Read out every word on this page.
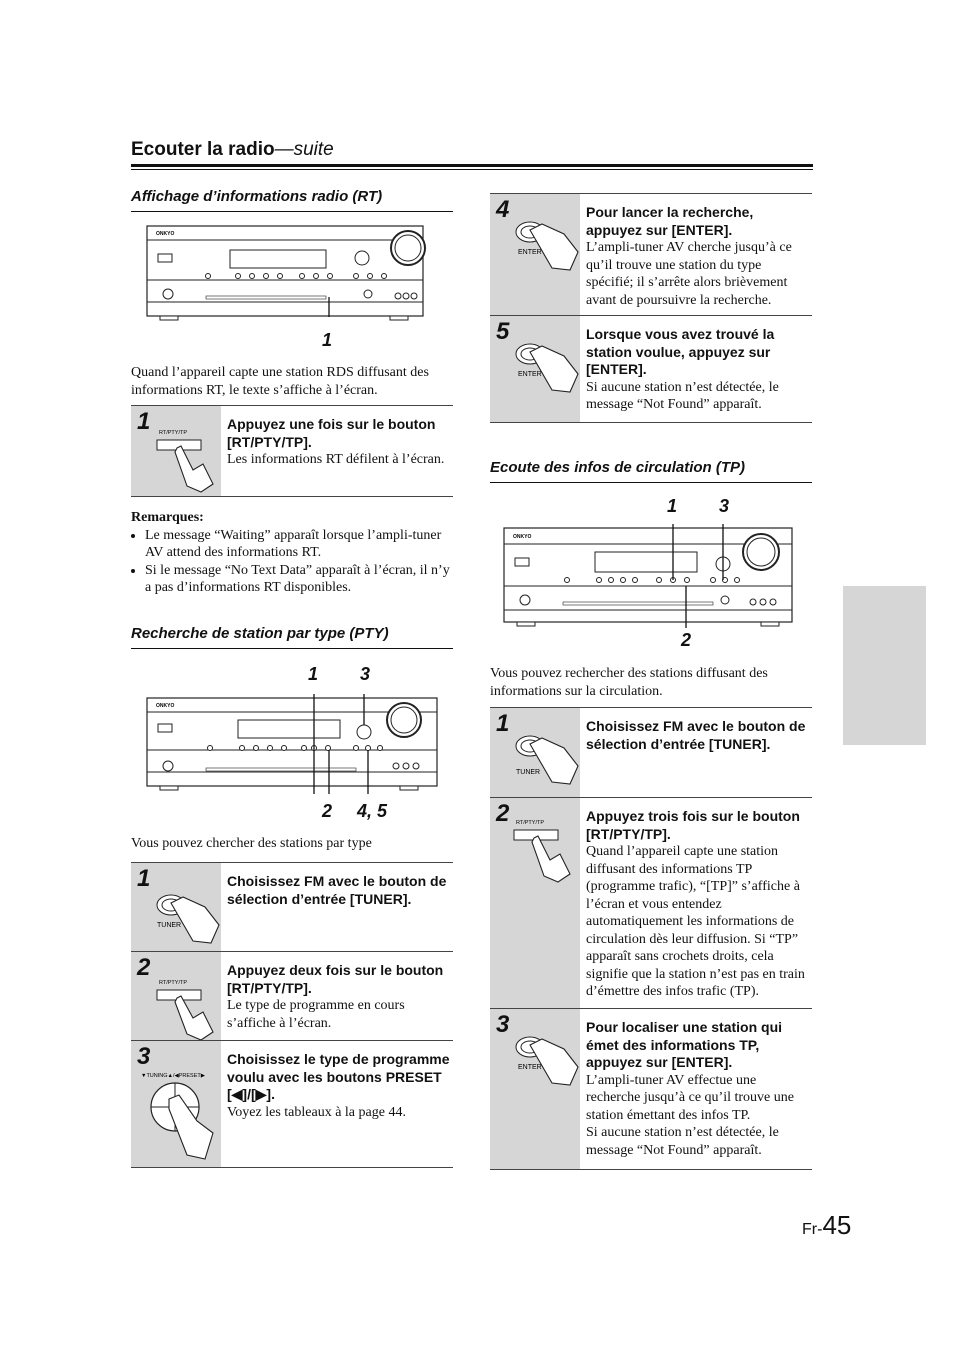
Ecouter la radio—suite
Affichage d’informations radio (RT)
ONKYO
1
Quand l’appareil capte une station RDS diffusant des informations RT, le texte s’affiche à l’écran.
1 RT/PTY/TP
Appuyez une fois sur le bouton [RT/PTY/TP].
Les informations RT défilent à l’écran.
Remarques:
• Le message “Waiting” apparaît lorsque l’ampli-tuner AV attend des informations RT.
• Si le message “No Text Data” apparaît à l’écran, il n’y a pas d’informations RT disponibles.
Recherche de station par type (PTY)
1 3
ONKYO
2 4, 5
Vous pouvez chercher des stations par type
1
TUNER
Choisissez FM avec le bouton de sélection d’entrée [TUNER].
2
RT/PTY/TP
Appuyez deux fois sur le bouton [RT/PTY/TP].
Le type de programme en cours s’affiche à l’écran.
3
▼TUNING▲/◀PRESET▶
Choisissez le type de programme voulu avec les boutons PRESET [◀]/[▶].
Voyez les tableaux à la page 44.
4
ENTER
Pour lancer la recherche, appuyez sur [ENTER].
L’ampli-tuner AV cherche jusqu’à ce qu’il trouve une station du type spécifié; il s’arrête alors brièvement avant de poursuivre la recherche.
5
ENTER
Lorsque vous avez trouvé la station voulue, appuyez sur [ENTER].
Si aucune station n’est détectée, le message “Not Found” apparaît.
Ecoute des infos de circulation (TP)
1 3
ONKYO
2
Vous pouvez rechercher des stations diffusant des informations sur la circulation.
1
TUNER
Choisissez FM avec le bouton de sélection d’entrée [TUNER].
2 RT/PTY/TP	Appuyez trois fois sur le bouton [RT/PTY/TP].
Quand l’appareil capte une station diffusant des informations TP (programme trafic), “[TP]” s’affiche à l’écran et vous entendez automatiquement les informations de circulation dès leur diffusion. Si “TP” apparaît sans crochets droits, cela signifie que la station n’est pas en train d’émettre des infos trafic (TP).
3
ENTER
Pour localiser une station qui émet des informations TP, appuyez sur [ENTER].
L’ampli-tuner AV effectue une recherche jusqu’à ce qu’il trouve une station émettant des infos TP.
Si aucune station n’est détectée, le message “Not Found” apparaît.
Fr-45
